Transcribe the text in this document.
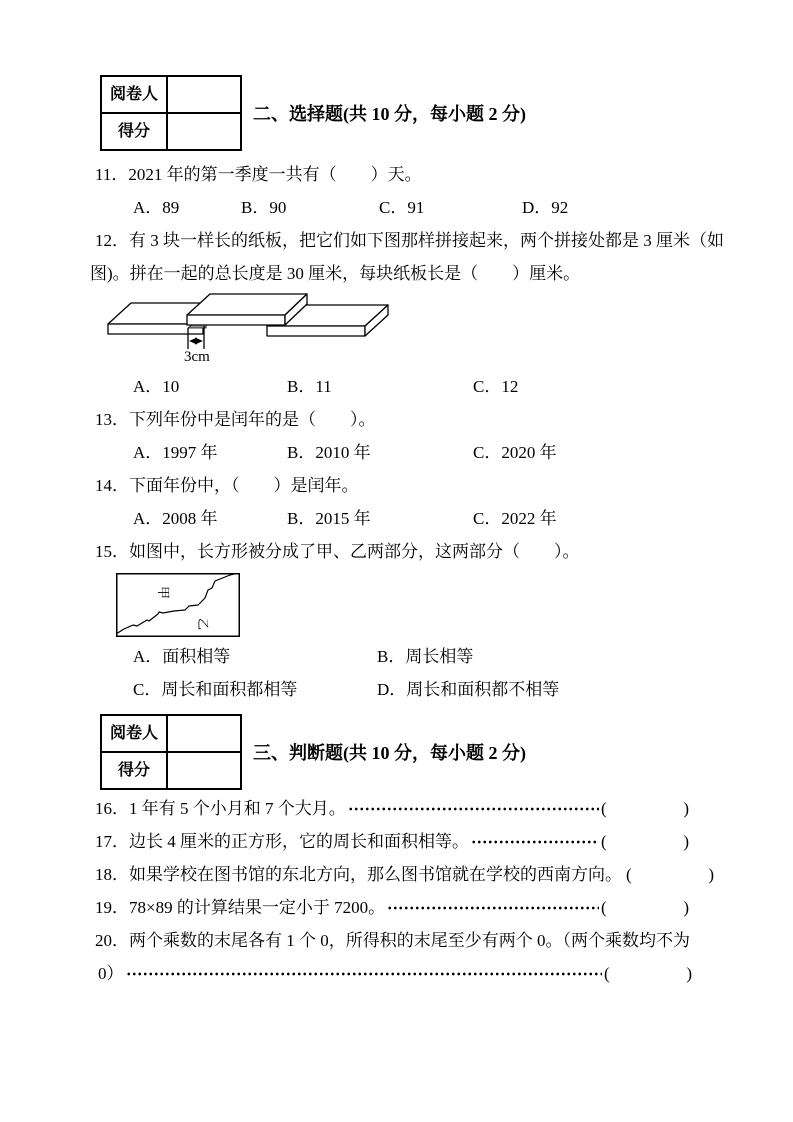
阅卷人	
得分	
二、选择题(共 10 分，每小题 2 分)
11．2021 年的第一季度一共有（　　）天。
A．89	B．90	C．91	D．92
12．有 3 块一样长的纸板，把它们如下图那样拼接起来，两个拼接处都是 3 厘米（如
图)。拼在一起的总长度是 30 厘米，每块纸板长是（　　）厘米。
3cm
A．10	B．11	C．12
13．下列年份中是闰年的是（　　）。
A．1997 年	B．2010 年	C．2020 年
14．下面年份中，（　　）是闰年。
A．2008 年	B．2015 年	C．2022 年
15．如图中，长方形被分成了甲、乙两部分，这两部分（　　）。
甲
乙
A．面积相等	B．周长相等
C．周长和面积都相等	D．周长和面积都不相等
阅卷人	
得分	
三、判断题(共 10 分，每小题 2 分)
16．1 年有 5 个小月和 7 个大月。	(	)
17．边长 4 厘米的正方形，它的周长和面积相等。	(	)
18．如果学校在图书馆的东北方向，那么图书馆就在学校的西南方向。 (	)
19．78×89 的计算结果一定小于 7200。	(	)
20．两个乘数的末尾各有 1 个 0，所得积的末尾至少有两个 0。（两个乘数均不为
0）	(	)
